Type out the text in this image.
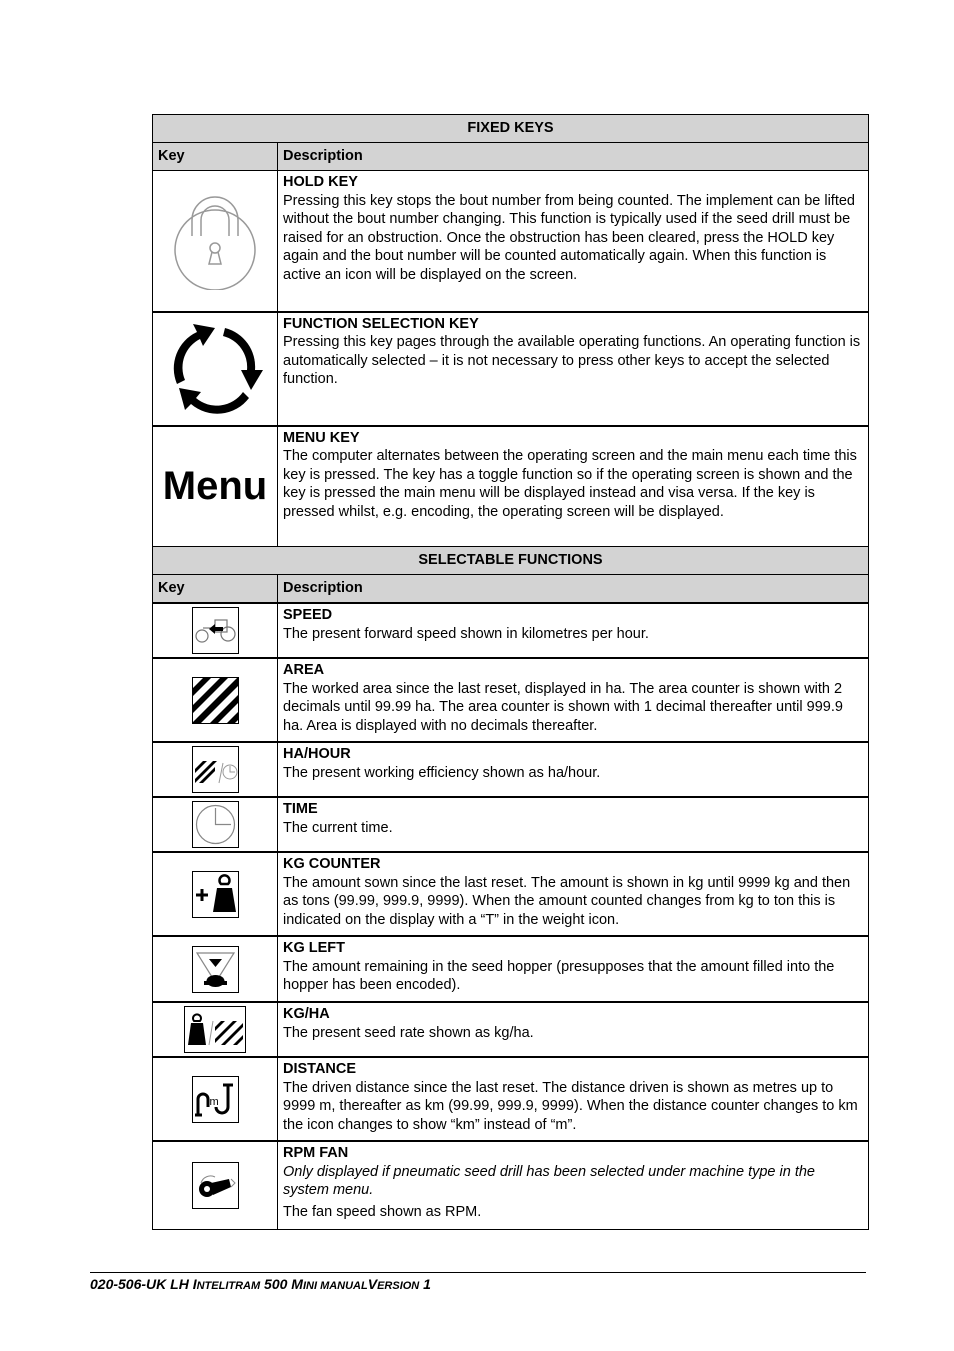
FIXED KEYS	
Key	Description

HOLD KEY
Pressing this key stops the bout number from being counted. The implement can be lifted without the bout number changing. This function is typically used if the seed drill must be raised for an obstruction. Once the obstruction has been cleared, press the HOLD key again and the bout number will be counted automatically again. When this function is active an icon will be displayed on the screen.

FUNCTION SELECTION KEY
Pressing this key pages through the available operating functions. An operating function is automatically selected – it is not necessary to press other keys to accept the selected function.

Menu	MENU KEY
The computer alternates between the operating screen and the main menu each time this key is pressed. The key has a toggle function so if the operating screen is shown and the key is pressed the main menu will be displayed instead and visa versa. If the key is pressed whilst, e.g. encoding, the operating screen will be displayed.

SELECTABLE FUNCTIONS	
Key	Description

SPEED
The present forward speed shown in kilometres per hour.

AREA
The worked area since the last reset, displayed in ha. The area counter is shown with 2 decimals until 99.99 ha. The area counter is shown with 1 decimal thereafter until 999.9 ha. Area is displayed with no decimals thereafter.

HA/HOUR
The present working efficiency shown as ha/hour.

TIME
The current time.

KG COUNTER
The amount sown since the last reset. The amount is shown in kg until 9999 kg and then as tons (99.99, 999.9, 9999). When the amount counted changes from kg to ton this is indicated on the display with a “T” in the weight icon.

KG LEFT
The amount remaining in the seed hopper (presupposes that the amount filled into the hopper has been encoded).

KG/HA
The present seed rate shown as kg/ha.

m	DISTANCE
The driven distance since the last reset. The distance driven is shown as metres up to 9999 m, thereafter as km (99.99, 999.9, 9999). When the distance counter changes to km the icon changes to show “km” instead of “m”.

RPM FAN
Only displayed if pneumatic seed drill has been selected under machine type in the system menu.
The fan speed shown as RPM.
020-506-UK LH INTELITRAM 500 MINI MANUALVERSION 1
